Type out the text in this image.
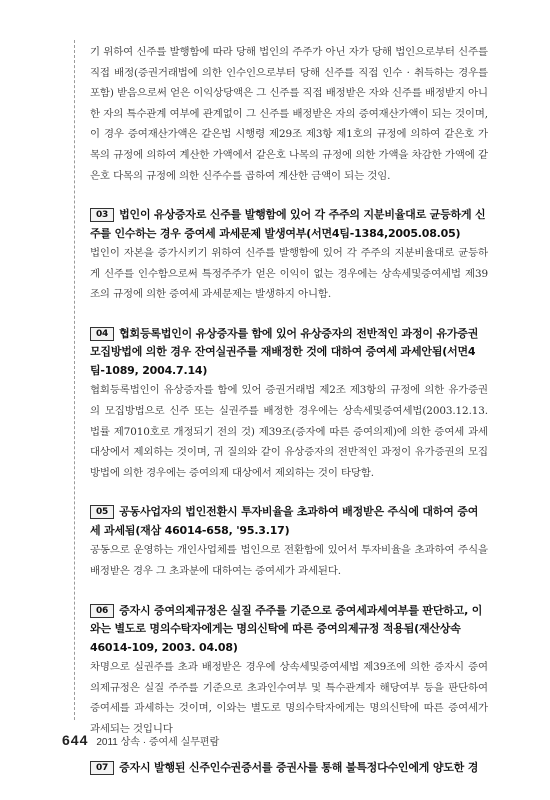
기 위하여 신주를 발행함에 따라 당해 법인의 주주가 아닌 자가 당해 법인으로부터 신주를 직접 배정(증권거래법에 의한 인수인으로부터 당해 신주를 직접 인수 · 취득하는 경우를 포함) 받음으로써 얻은 이익상당액은 그 신주를 직접 배정받은 자와 신주를 배정받지 아니한 자의 특수관계 여부에 관계없이 그 신주를 배정받은 자의 증여재산가액이 되는 것이며, 이 경우 증여재산가액은 같은법 시행령 제29조 제3항 제1호의 규정에 의하여 같은호 가목의 규정에 의하여 계산한 가액에서 같은호 나목의 규정에 의한 가액을 차감한 가액에 같은호 다목의 규정에 의한 신주수를 곱하여 계산한 금액이 되는 것임.

03 법인이 유상증자로 신주를 발행함에 있어 각 주주의 지분비율대로 균등하게 신주를 인수하는 경우 증여세 과세문제 발생여부(서면4팀-1384,2005.08.05)

법인이 자본을 증가시키기 위하여 신주를 발행함에 있어 각 주주의 지분비율대로 균등하게 신주를 인수함으로써 특정주주가 얻은 이익이 없는 경우에는 상속세및증여세법 제39조의 규정에 의한 증여세 과세문제는 발생하지 아니함.

04 협회등록법인이 유상증자를 함에 있어 유상증자의 전반적인 과정이 유가증권 모집방법에 의한 경우 잔여실권주를 재배정한 것에 대하여 증여세 과세안됨(서면4팀-1089, 2004.7.14)

협회등록법인이 유상증자를 함에 있어 증권거래법 제2조 제3항의 규정에 의한 유가증권의 모집방법으로 신주 또는 실권주를 배정한 경우에는 상속세및증여세법(2003.12.13. 법률 제7010호로 개정되기 전의 것) 제39조(증자에 따른 증여의제)에 의한 증여세 과세대상에서 제외하는 것이며, 귀 질의와 같이 유상증자의 전반적인 과정이 유가증권의 모집방법에 의한 경우에는 증여의제 대상에서 제외하는 것이 타당함.

05 공동사업자의 법인전환시 투자비율을 초과하여 배정받은 주식에 대하여 증여세 과세됨(재삼 46014-658, '95.3.17)

공동으로 운영하는 개인사업체를 법인으로 전환함에 있어서 투자비율을 초과하여 주식을 배정받은 경우 그 초과분에 대하여는 증여세가 과세된다.

06 증자시 증여의제규정은 실질 주주를 기준으로 증여세과세여부를 판단하고, 이와는 별도로 명의수탁자에게는 명의신탁에 따른 증여의제규정 적용됨(재산상속 46014-109, 2003. 04.08)

차명으로 실권주를 초과 배정받은 경우에 상속세및증여세법 제39조에 의한 증자시 증여의제규정은 실질 주주를 기준으로 초과인수여부 및 특수관계자 해당여부 등을 판단하여 증여세를 과세하는 것이며, 이와는 별도로 명의수탁자에게는 명의신탁에 따른 증여세가 과세되는 것입니다

07 증자시 발행된 신주인수권증서를 증권사를 통해 불특정다수인에게 양도한 경

644 2011 상속 · 증여세 실무편람
